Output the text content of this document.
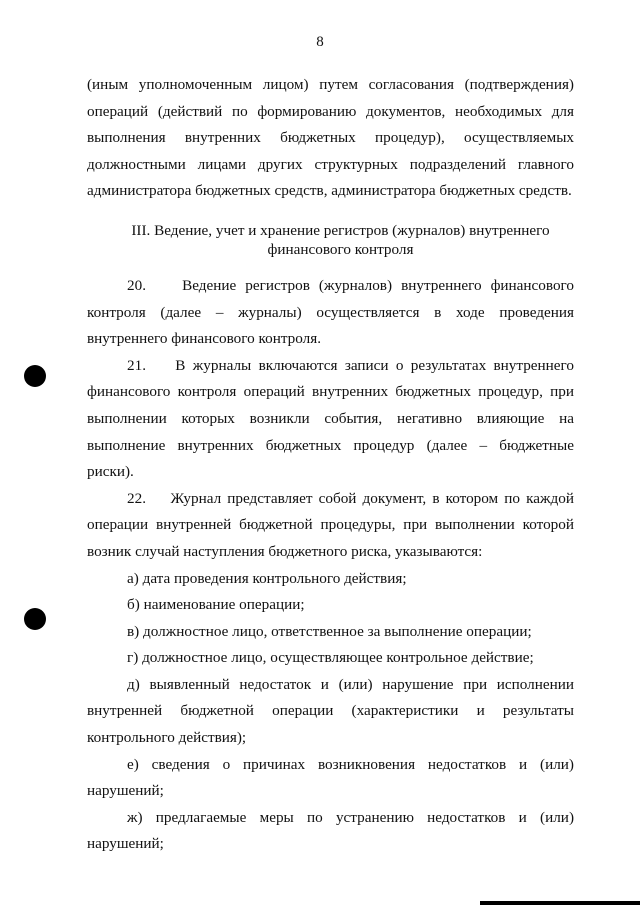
8

(иным уполномоченным лицом) путем согласования (подтверждения) операций (действий по формированию документов, необходимых для выполнения внутренних бюджетных процедур), осуществляемых должностными лицами других структурных подразделений главного администратора бюджетных средств, администратора бюджетных средств.

III. Ведение, учет и хранение регистров (журналов) внутреннего
финансового контроля

20.    Ведение регистров (журналов) внутреннего финансового контроля (далее – журналы) осуществляется в ходе проведения внутреннего финансового контроля.

21.    В журналы включаются записи о результатах внутреннего финансового контроля операций внутренних бюджетных процедур, при выполнении которых возникли события, негативно влияющие на выполнение внутренних бюджетных процедур (далее – бюджетные риски).

22.    Журнал представляет собой документ, в котором по каждой операции внутренней бюджетной процедуры, при выполнении которой возник случай наступления бюджетного риска, указываются:

а) дата проведения контрольного действия;

б) наименование операции;

в) должностное лицо, ответственное за выполнение операции;

г) должностное лицо, осуществляющее контрольное действие;

д) выявленный недостаток и (или) нарушение при исполнении внутренней бюджетной операции (характеристики и результаты контрольного действия);

е) сведения о причинах возникновения недостатков и (или) нарушений;

ж) предлагаемые меры по устранению недостатков и (или) нарушений;
